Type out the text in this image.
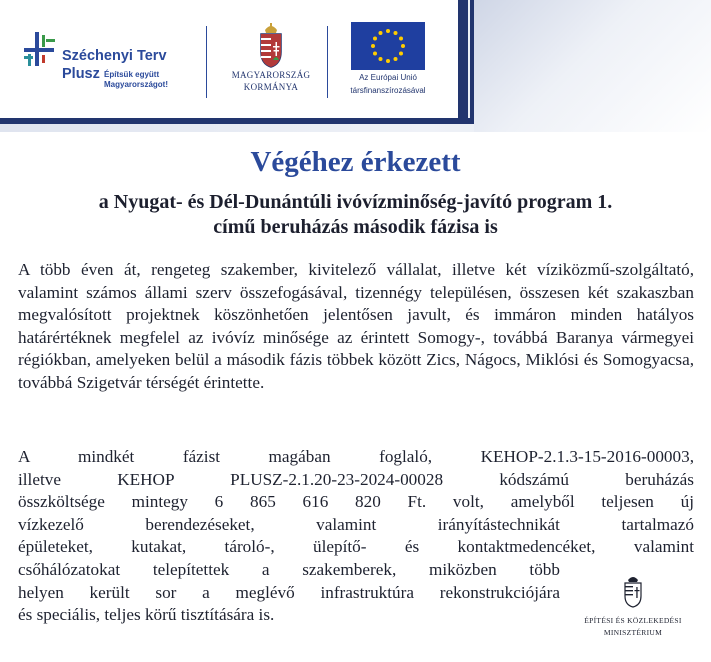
Széchenyi Terv
Plusz Építsük együtt Magyarországot!
MAGYARORSZÁG
KORMÁNYA
Az Európai Unió
társfinanszírozásával
Végéhez érkezett
a Nyugat- és Dél-Dunántúli ivóvízminőség-javító program 1.
című beruházás második fázisa is
A több éven át, rengeteg szakember, kivitelező vállalat, illetve két víziközmű-szolgáltató, valamint számos állami szerv összefogásával, tizennégy településen, összesen két szakaszban megvalósított projektnek köszönhetően jelentősen javult, és immáron minden hatályos határértéknek megfelel az ivóvíz minősége az érintett Somogy-, továbbá Baranya vármegyei régiókban, amelyeken belül a második fázis többek között Zics, Nágocs, Miklósi és Somogyacsa, továbbá Szigetvár térségét érintette.
A mindkét fázist magában foglaló, KEHOP-2.1.3-15-2016-00003,
illetve KEHOP PLUSZ-2.1.20-23-2024-00028 kódszámú beruházás
összköltsége mintegy 6 865 616 820 Ft. volt, amelyből teljesen új
vízkezelő berendezéseket, valamint irányítástechnikát tartalmazó
épületeket, kutakat, tároló-, ülepítő- és kontaktmedencéket, valamint
csőhálózatokat telepítettek a szakemberek, miközben több
helyen került sor a meglévő infrastruktúra rekonstrukciójára
és speciális, teljes körű tisztítására is.	ÉPÍTÉSI ÉS KÖZLEKEDÉSI
MINISZTÉRIUM
